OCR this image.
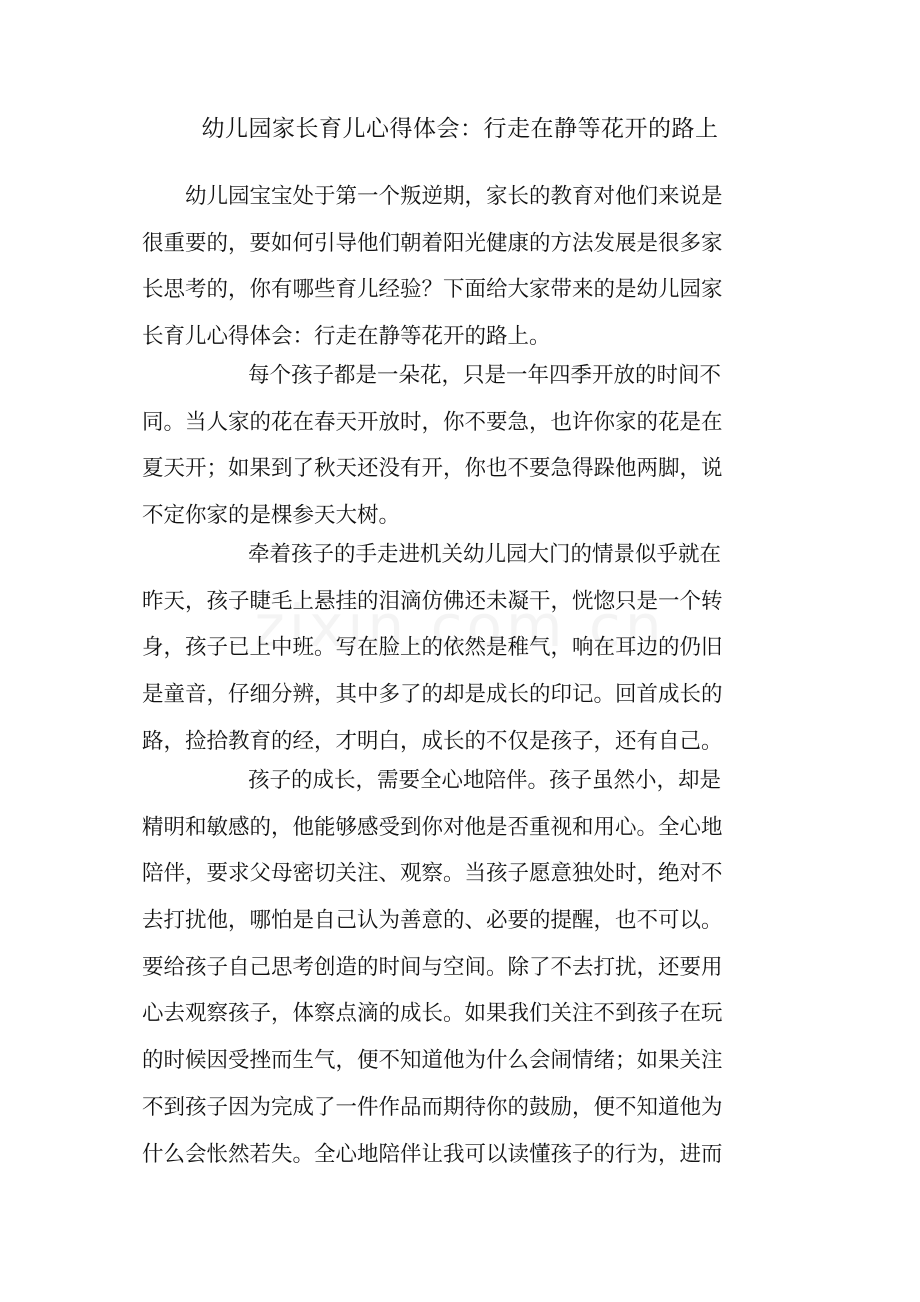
幼儿园家长育儿心得体会：行走在静等花开的路上
幼儿园宝宝处于第一个叛逆期，家长的教育对他们来说是
很重要的，要如何引导他们朝着阳光健康的方法发展是很多家
长思考的，你有哪些育儿经验？下面给大家带来的是幼儿园家
长育儿心得体会：行走在静等花开的路上。
每个孩子都是一朵花，只是一年四季开放的时间不
同。当人家的花在春天开放时，你不要急，也许你家的花是在
夏天开；如果到了秋天还没有开，你也不要急得跺他两脚，说
不定你家的是棵参天大树。
牵着孩子的手走进机关幼儿园大门的情景似乎就在
昨天，孩子睫毛上悬挂的泪滴仿佛还未凝干，恍惚只是一个转
身，孩子已上中班。写在脸上的依然是稚气，响在耳边的仍旧
是童音，仔细分辨，其中多了的却是成长的印记。回首成长的
路，捡拾教育的经，才明白，成长的不仅是孩子，还有自己。
孩子的成长，需要全心地陪伴。孩子虽然小，却是
精明和敏感的，他能够感受到你对他是否重视和用心。全心地
陪伴，要求父母密切关注、观察。当孩子愿意独处时，绝对不
去打扰他，哪怕是自己认为善意的、必要的提醒，也不可以。
要给孩子自己思考创造的时间与空间。除了不去打扰，还要用
心去观察孩子，体察点滴的成长。如果我们关注不到孩子在玩
的时候因受挫而生气，便不知道他为什么会闹情绪；如果关注
不到孩子因为完成了一件作品而期待你的鼓励，便不知道他为
什么会怅然若失。全心地陪伴让我可以读懂孩子的行为，进而
